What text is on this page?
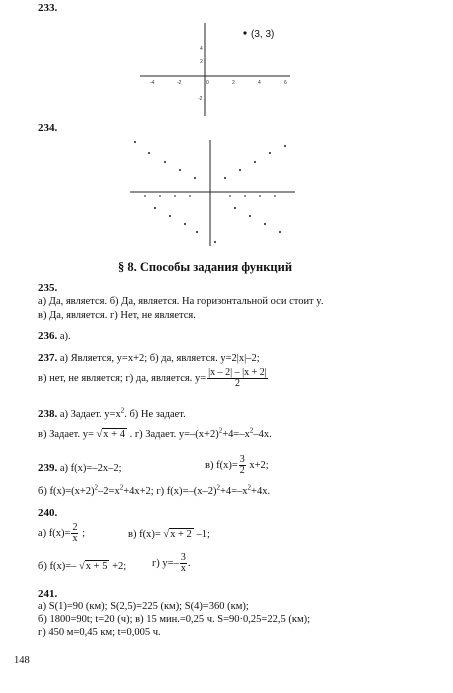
233.
-4	-2	0	2	4	6
4
2
-2
(3, 3)
234.
§ 8. Способы задания функций
235.
а) Да, является. б) Да, является. На горизонтальной оси стоит y.
в) Да, является. г) Нет, не является.
236. а).
237. а) Является, y=x+2; б) да, является. y=2|x|–2;
в) нет, не является; г) да, является. $y= \frac{|x - 2| - |x + 2|}{2}$
238. а) Задает. $y=x^2$. б) Не задает.
в) Задает. y= √x + 4 . г) Задает. $y=-(x+2)^2+4=-x^2-4x$.
239. а) f(x)=–2x–2;	в) $f(x)= \frac{3}{2} x+2$;
б) $f(x)=(x+2)^2-2=x^2+4x+2$; г) $f(x)=-(x-2)^2+4=-x^2+4x$.
240.
а) $f(x)= \frac{2}{x}$ ;	в) f(x)= √x + 2 –1;
б) f(x)=– √x + 5 +2; г) $y=- \frac{3}{x}$ .
241.
а) S(1)=90 (км); S(2,5)=225 (км); S(4)=360 (км);
б) 1800=90t; t=20 (ч); в) 15 мин.=0,25 ч. S=90·0,25=22,5 (км);
г) 450 м=0,45 км; t=0,005 ч.
148
